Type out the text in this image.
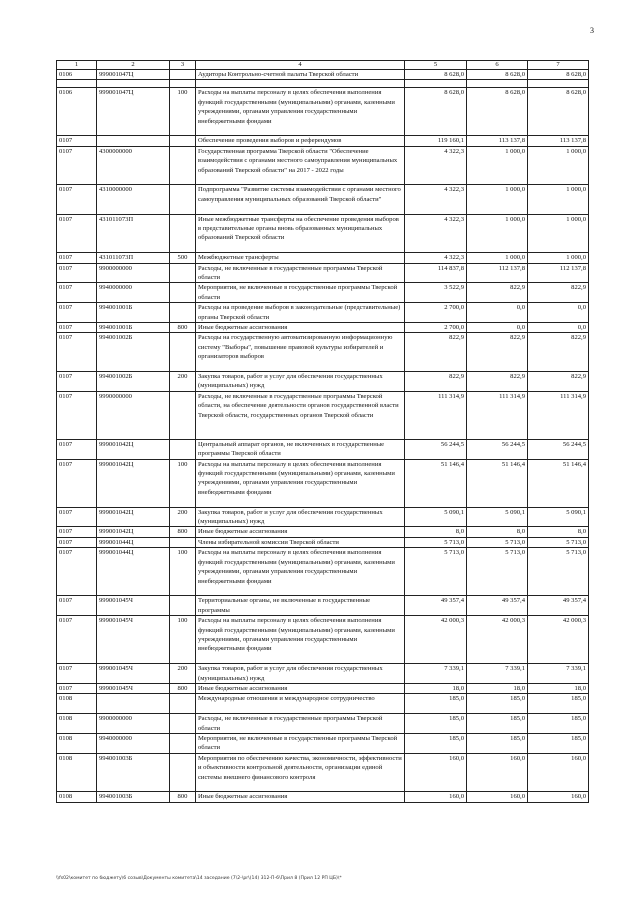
3
1	2	3	4	5	6	7
0106	999001047Ц		Аудиторы Контрольно-счетной палаты Тверской области	8 628,0	8 628,0	8 628,0

0106	999001047Ц	100	Расходы на выплаты персоналу в целях обеспечения выполнения функций государственными (муниципальными) органами, казенными учреждениями, органами управления государственными внебюджетными фондами	8 628,0	8 628,0	8 628,0
0107			Обеспечение проведения выборов и референдумов	119 160,1	113 137,8	113 137,8
0107	4300000000		Государственная программа Тверской области "Обеспечение взаимодействия с органами местного самоуправления муниципальных образований Тверской области" на 2017 - 2022 годы	4 322,3	1 000,0	1 000,0
0107	4310000000		Подпрограмма "Развитие системы взаимодействия с органами местного самоуправления муниципальных образований Тверской области"	4 322,3	1 000,0	1 000,0
0107	431011073П		Иные межбюджетные трансферты на обеспечение проведения выборов в представительные органы вновь образованных муниципальных образований Тверской области	4 322,3	1 000,0	1 000,0
0107	431011073П	500	Межбюджетные трансферты	4 322,3	1 000,0	1 000,0
0107	9900000000		Расходы, не включенные в государственные программы Тверской области	114 837,8	112 137,8	112 137,8
0107	9940000000		Мероприятия, не включенные в государственные программы Тверской области	3 522,9	822,9	822,9
0107	994001001Б		Расходы на проведение выборов в законодательные (представительные) органы Тверской области	2 700,0	0,0	0,0
0107	994001001Б	800	Иные бюджетные ассигнования	2 700,0	0,0	0,0
0107	994001002Б		Расходы на государственную автоматизированную информационную систему "Выборы", повышение правовой культуры избирателей и организаторов выборов	822,9	822,9	822,9
0107	994001002Б	200	Закупка товаров, работ и услуг для обеспечения государственных (муниципальных) нужд	822,9	822,9	822,9
0107	9990000000		Расходы, не включенные в государственные программы Тверской области, на обеспечение деятельности органов государственной власти Тверской области, государственных органов Тверской области	111 314,9	111 314,9	111 314,9
0107	999001042Ц		Центральный аппарат органов, не включенных в государственные программы Тверской области	56 244,5	56 244,5	56 244,5
0107	999001042Ц	100	Расходы на выплаты персоналу в целях обеспечения выполнения функций государственными (муниципальными) органами, казенными учреждениями, органами управления государственными внебюджетными фондами	51 146,4	51 146,4	51 146,4
0107	999001042Ц	200	Закупка товаров, работ и услуг для обеспечения государственных (муниципальных) нужд	5 090,1	5 090,1	5 090,1
0107	999001042Ц	800	Иные бюджетные ассигнования	8,0	8,0	8,0
0107	999001044Ц		Члены избирательной комиссии Тверской области	5 713,0	5 713,0	5 713,0
0107	999001044Ц	100	Расходы на выплаты персоналу в целях обеспечения выполнения функций государственными (муниципальными) органами, казенными учреждениями, органами управления государственными внебюджетными фондами	5 713,0	5 713,0	5 713,0
0107	999001045Ч		Территориальные органы, не включенные в государственные программы	49 357,4	49 357,4	49 357,4
0107	999001045Ч	100	Расходы на выплаты персоналу в целях обеспечения выполнения функций государственными (муниципальными) органами, казенными учреждениями, органами управления государственными внебюджетными фондами	42 000,3	42 000,3	42 000,3
0107	999001045Ч	200	Закупка товаров, работ и услуг для обеспечения государственных (муниципальных) нужд	7 339,1	7 339,1	7 339,1
0107	999001045Ч	800	Иные бюджетные ассигнования	18,0	18,0	18,0
0108			Международные отношения и международное сотрудничество	185,0	185,0	185,0
0108	9900000000		Расходы, не включенные в государственные программы Тверской области	185,0	185,0	185,0
0108	9940000000		Мероприятия, не включенные в государственные программы Тверской области	185,0	185,0	185,0
0108	994001003Б		Мероприятия по обеспечению качества, экономичности, эффективности и объективности контрольной деятельности, организации единой системы внешнего финансового контроля	160,0	160,0	160,0
0108	994001003Б	800	Иные бюджетные ассигнования	160,0	160,0	160,0
\\fs02\комитет по бюджету\6 созыв\Документы комитета\14 заседание (7\2-\pr\(14) 312-П-6\Прил 8 (Прил 12 РП ЦБ)\*
